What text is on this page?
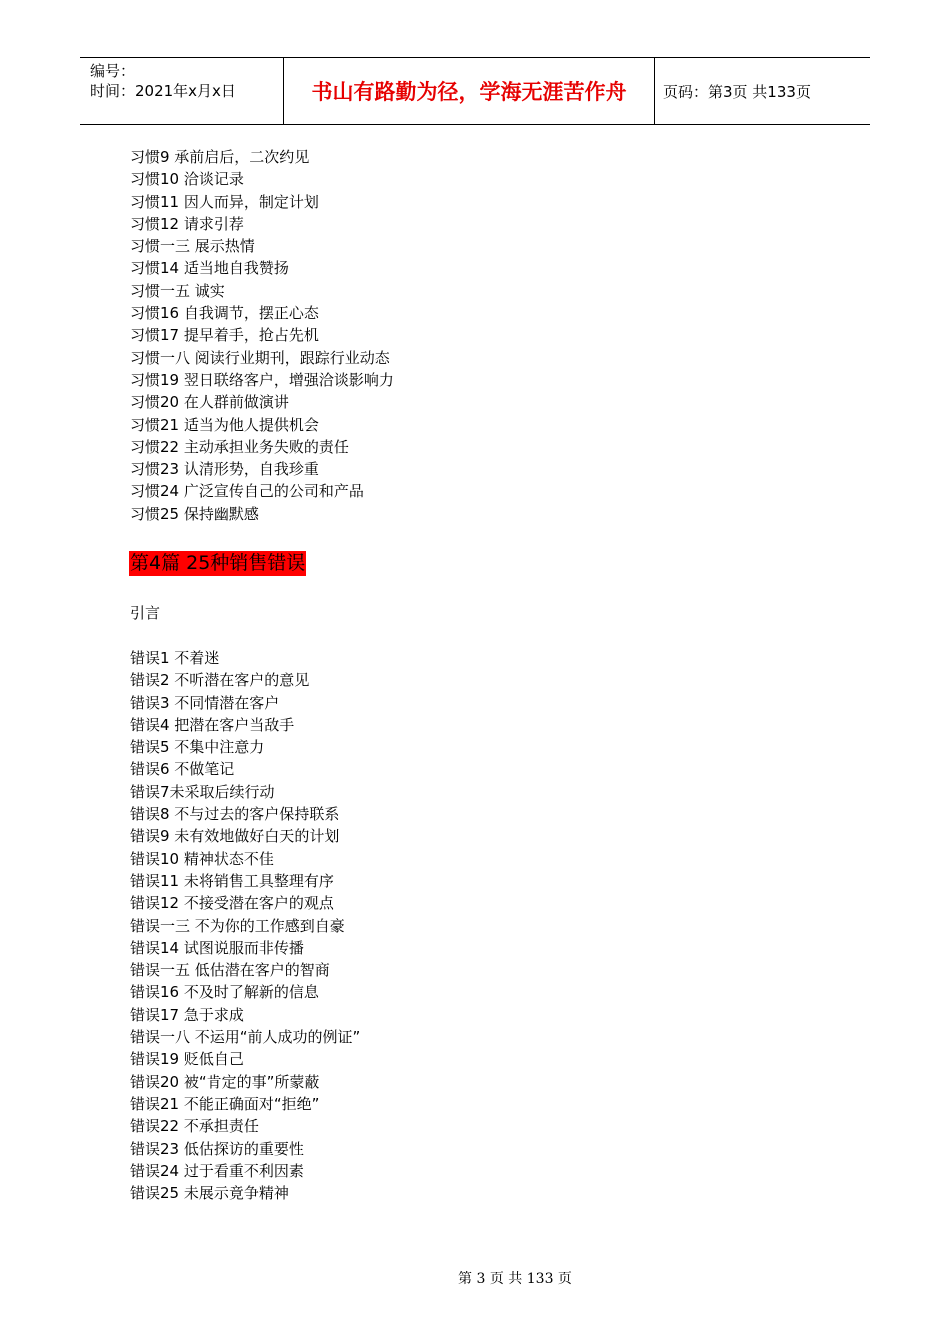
编号：
时间：2021年x月x日	书山有路勤为径，学海无涯苦作舟 页码：第3页 共133页
习惯9 承前启后，二次约见
习惯10 洽谈记录
习惯11 因人而异，制定计划
习惯12 请求引荐
习惯一三 展示热情
习惯14 适当地自我赞扬
习惯一五 诚实
习惯16 自我调节，摆正心态
习惯17 提早着手，抢占先机
习惯一八 阅读行业期刊，跟踪行业动态
习惯19 翌日联络客户，增强洽谈影响力
习惯20 在人群前做演讲
习惯21 适当为他人提供机会
习惯22 主动承担业务失败的责任
习惯23 认清形势，自我珍重
习惯24 广泛宣传自己的公司和产品
习惯25 保持幽默感
第4篇 25种销售错误
引言
错误1 不着迷
错误2 不听潜在客户的意见
错误3 不同情潜在客户
错误4 把潜在客户当敌手
错误5 不集中注意力
错误6 不做笔记
错误7未采取后续行动
错误8 不与过去的客户保持联系
错误9 未有效地做好白天的计划
错误10 精神状态不佳
错误11 未将销售工具整理有序
错误12 不接受潜在客户的观点
错误一三 不为你的工作感到自豪
错误14 试图说服而非传播
错误一五 低估潜在客户的智商
错误16 不及时了解新的信息
错误17 急于求成
错误一八 不运用“前人成功的例证”
错误19 贬低自己
错误20 被“肯定的事”所蒙蔽
错误21 不能正确面对“拒绝”
错误22 不承担责任
错误23 低估探访的重要性
错误24 过于看重不利因素
错误25 未展示竟争精神
第 3 页 共 133 页
